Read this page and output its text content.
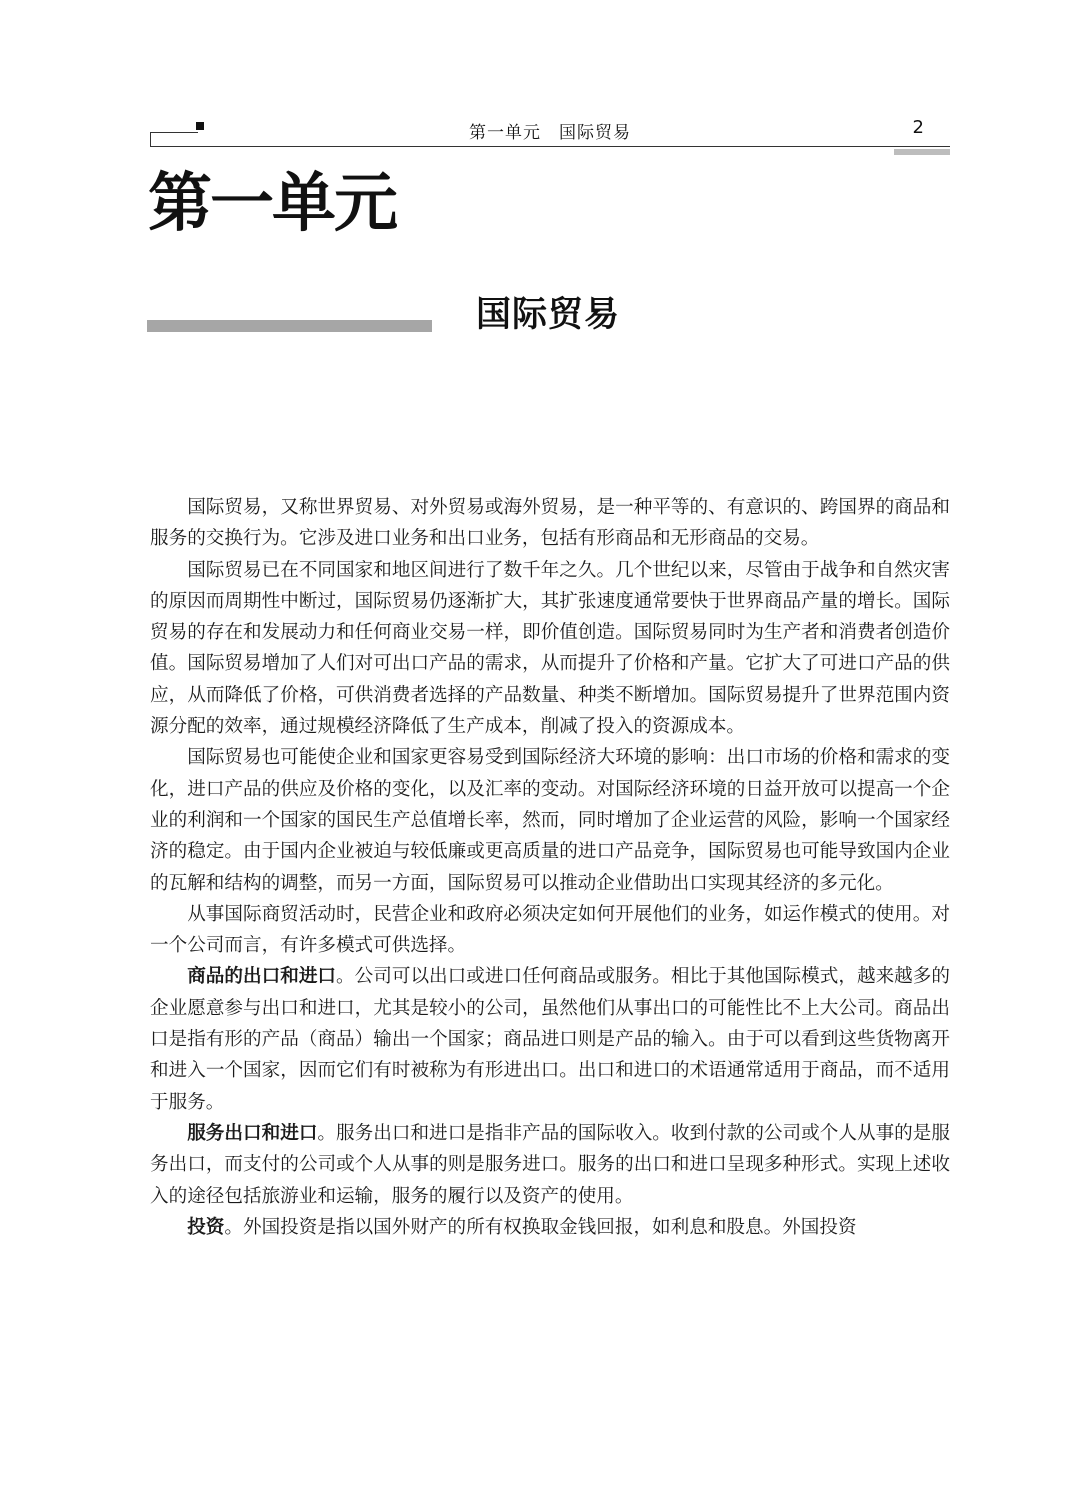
第一单元　国际贸易	2
第一单元
国际贸易

国际贸易，又称世界贸易、对外贸易或海外贸易，是一种平等的、有意识的、跨国界的商品和服务的交换行为。它涉及进口业务和出口业务，包括有形商品和无形商品的交易。

国际贸易已在不同国家和地区间进行了数千年之久。几个世纪以来，尽管由于战争和自然灾害的原因而周期性中断过，国际贸易仍逐渐扩大，其扩张速度通常要快于世界商品产量的增长。国际贸易的存在和发展动力和任何商业交易一样，即价值创造。国际贸易同时为生产者和消费者创造价值。国际贸易增加了人们对可出口产品的需求，从而提升了价格和产量。它扩大了可进口产品的供应，从而降低了价格，可供消费者选择的产品数量、种类不断增加。国际贸易提升了世界范围内资源分配的效率，通过规模经济降低了生产成本，削减了投入的资源成本。

国际贸易也可能使企业和国家更容易受到国际经济大环境的影响：出口市场的价格和需求的变化，进口产品的供应及价格的变化，以及汇率的变动。对国际经济环境的日益开放可以提高一个企业的利润和一个国家的国民生产总值增长率，然而，同时增加了企业运营的风险，影响一个国家经济的稳定。由于国内企业被迫与较低廉或更高质量的进口产品竞争，国际贸易也可能导致国内企业的瓦解和结构的调整，而另一方面，国际贸易可以推动企业借助出口实现其经济的多元化。

从事国际商贸活动时，民营企业和政府必须决定如何开展他们的业务，如运作模式的使用。对一个公司而言，有许多模式可供选择。

商品的出口和进口。公司可以出口或进口任何商品或服务。相比于其他国际模式，越来越多的企业愿意参与出口和进口，尤其是较小的公司，虽然他们从事出口的可能性比不上大公司。商品出口是指有形的产品（商品）输出一个国家；商品进口则是产品的输入。由于可以看到这些货物离开和进入一个国家，因而它们有时被称为有形进出口。出口和进口的术语通常适用于商品，而不适用于服务。

服务出口和进口。服务出口和进口是指非产品的国际收入。收到付款的公司或个人从事的是服务出口，而支付的公司或个人从事的则是服务进口。服务的出口和进口呈现多种形式。实现上述收入的途径包括旅游业和运输，服务的履行以及资产的使用。

投资。外国投资是指以国外财产的所有权换取金钱回报，如利息和股息。外国投资
